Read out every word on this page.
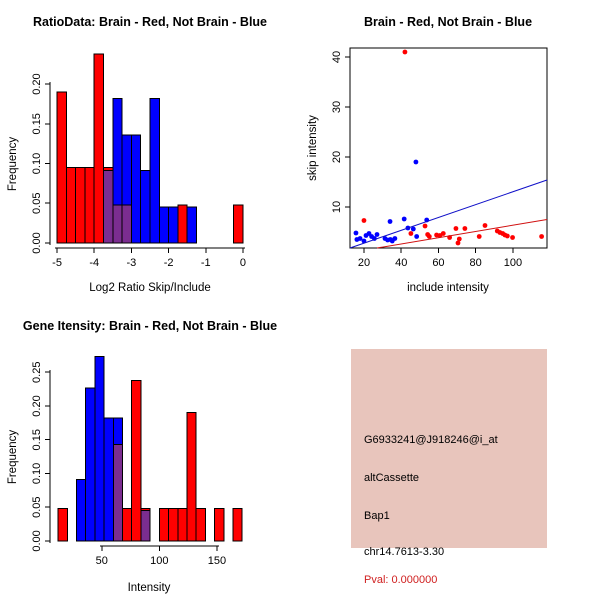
RatioData: Brain - Red, Not Brain - Blue
Log2 Ratio Skip/Include
Frequency
-5 -4 -3 -2 -1	0
0.00
0.05
0.10
0.15
0.20
Brain - Red, Not Brain - Blue
include intensity
skip intensity
20 40 60 80 100
10
20
30
40
Gene Itensity: Brain - Red, Not Brain - Blue
Intensity
Frequency
50	100	150
0.00
0.05
0.10
0.15
0.20
0.25
G6933241@J918246@i_at
altCassette
Bap1
chr14.7613-3.30
Pval: 0.000000
